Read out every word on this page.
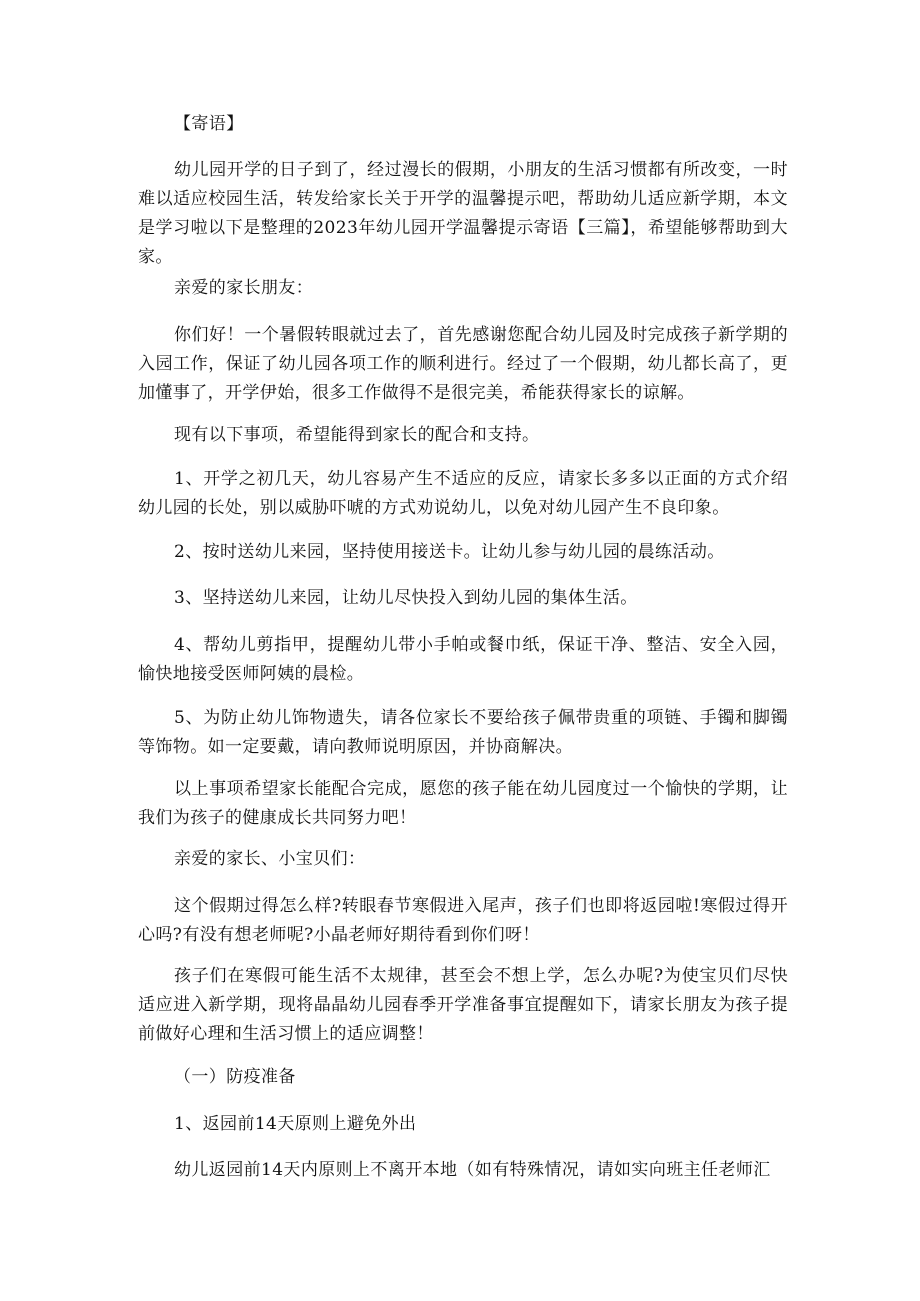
【寄语】

幼儿园开学的日子到了，经过漫长的假期，小朋友的生活习惯都有所改变，一时难以适应校园生活，转发给家长关于开学的温馨提示吧，帮助幼儿适应新学期，本文是学习啦以下是整理的2023年幼儿园开学温馨提示寄语【三篇】，希望能够帮助到大家。

亲爱的家长朋友：

你们好！一个暑假转眼就过去了，首先感谢您配合幼儿园及时完成孩子新学期的入园工作，保证了幼儿园各项工作的顺利进行。经过了一个假期，幼儿都长高了，更加懂事了，开学伊始，很多工作做得不是很完美，希能获得家长的谅解。

现有以下事项，希望能得到家长的配合和支持。

1、开学之初几天，幼儿容易产生不适应的反应，请家长多多以正面的方式介绍幼儿园的长处，别以威胁吓唬的方式劝说幼儿，以免对幼儿园产生不良印象。

2、按时送幼儿来园，坚持使用接送卡。让幼儿参与幼儿园的晨练活动。

3、坚持送幼儿来园，让幼儿尽快投入到幼儿园的集体生活。

4、帮幼儿剪指甲，提醒幼儿带小手帕或餐巾纸，保证干净、整洁、安全入园，愉快地接受医师阿姨的晨检。

5、为防止幼儿饰物遗失，请各位家长不要给孩子佩带贵重的项链、手镯和脚镯等饰物。如一定要戴，请向教师说明原因，并协商解决。

以上事项希望家长能配合完成，愿您的孩子能在幼儿园度过一个愉快的学期，让我们为孩子的健康成长共同努力吧！

亲爱的家长、小宝贝们：

这个假期过得怎么样?转眼春节寒假进入尾声，孩子们也即将返园啦!寒假过得开心吗?有没有想老师呢?小晶老师好期待看到你们呀！

孩子们在寒假可能生活不太规律，甚至会不想上学，怎么办呢?为使宝贝们尽快适应进入新学期，现将晶晶幼儿园春季开学准备事宜提醒如下，请家长朋友为孩子提前做好心理和生活习惯上的适应调整！

（一）防疫准备

1、返园前14天原则上避免外出

幼儿返园前14天内原则上不离开本地（如有特殊情况，请如实向班主任老师汇
